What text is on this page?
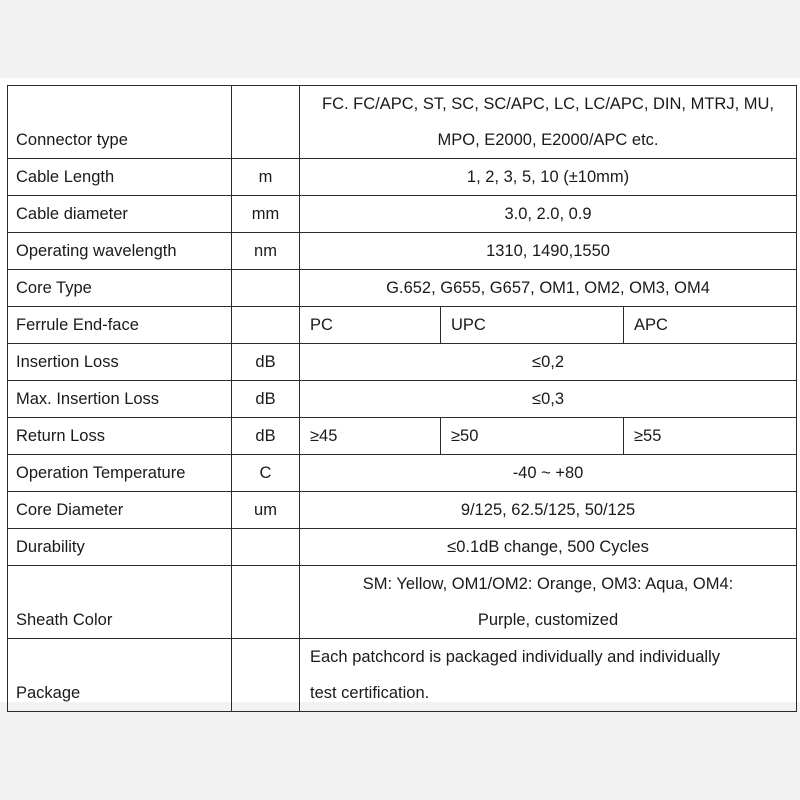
Connector type		FC. FC/APC, ST, SC, SC/APC, LC, LC/APC, DIN, MTRJ, MU,
MPO, E2000, E2000/APC etc.		

Cable Length	m	1, 2, 3, 5, 10 (±10mm)		
Cable diameter	mm	3.0, 2.0, 0.9		
Operating wavelength	nm	1310, 1490,1550		
Core Type		G.652, G655, G657, OM1, OM2, OM3, OM4		
Ferrule End-face		PC	UPC	APC
Insertion Loss	dB	≤0,2		
Max. Insertion Loss	dB	≤0,3		
Return Loss	dB	≥45	≥50	≥55
Operation Temperature	C	-40 ~ +80		
Core Diameter	um	9/125, 62.5/125, 50/125		
Durability		≤0.1dB change, 500 Cycles		
Sheath Color		SM: Yellow, OM1/OM2: Orange, OM3: Aqua, OM4:
Purple, customized		

Package		Each patchcord is packaged individually and individually
test certification.		
